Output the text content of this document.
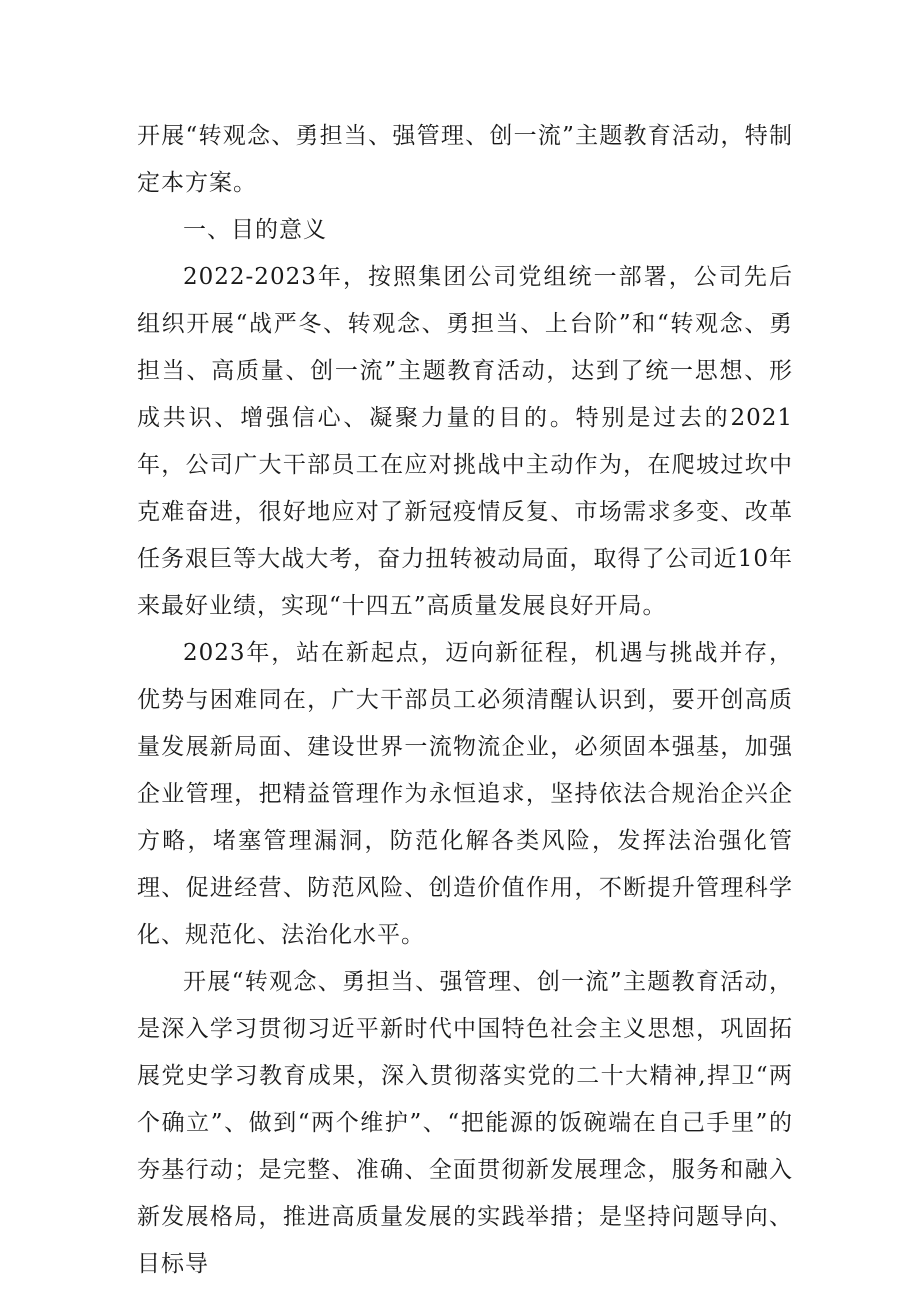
开展“转观念、勇担当、强管理、创一流”主题教育活动，特制定本方案。

一、目的意义

2022-2023年，按照集团公司党组统一部署，公司先后组织开展“战严冬、转观念、勇担当、上台阶”和“转观念、勇担当、高质量、创一流”主题教育活动，达到了统一思想、形成共识、增强信心、凝聚力量的目的。特别是过去的2021年，公司广大干部员工在应对挑战中主动作为，在爬坡过坎中克难奋进，很好地应对了新冠疫情反复、市场需求多变、改革任务艰巨等大战大考，奋力扭转被动局面，取得了公司近10年来最好业绩，实现“十四五”高质量发展良好开局。

2023年，站在新起点，迈向新征程，机遇与挑战并存，优势与困难同在，广大干部员工必须清醒认识到，要开创高质量发展新局面、建设世界一流物流企业，必须固本强基，加强企业管理，把精益管理作为永恒追求，坚持依法合规治企兴企方略，堵塞管理漏洞，防范化解各类风险，发挥法治强化管理、促进经营、防范风险、创造价值作用，不断提升管理科学化、规范化、法治化水平。

开展“转观念、勇担当、强管理、创一流”主题教育活动，是深入学习贯彻习近平新时代中国特色社会主义思想，巩固拓展党史学习教育成果，深入贯彻落实党的二十大精神,捍卫“两个确立”、做到“两个维护”、“把能源的饭碗端在自己手里”的夯基行动；是完整、准确、全面贯彻新发展理念，服务和融入新发展格局，推进高质量发展的实践举措；是坚持问题导向、目标导
